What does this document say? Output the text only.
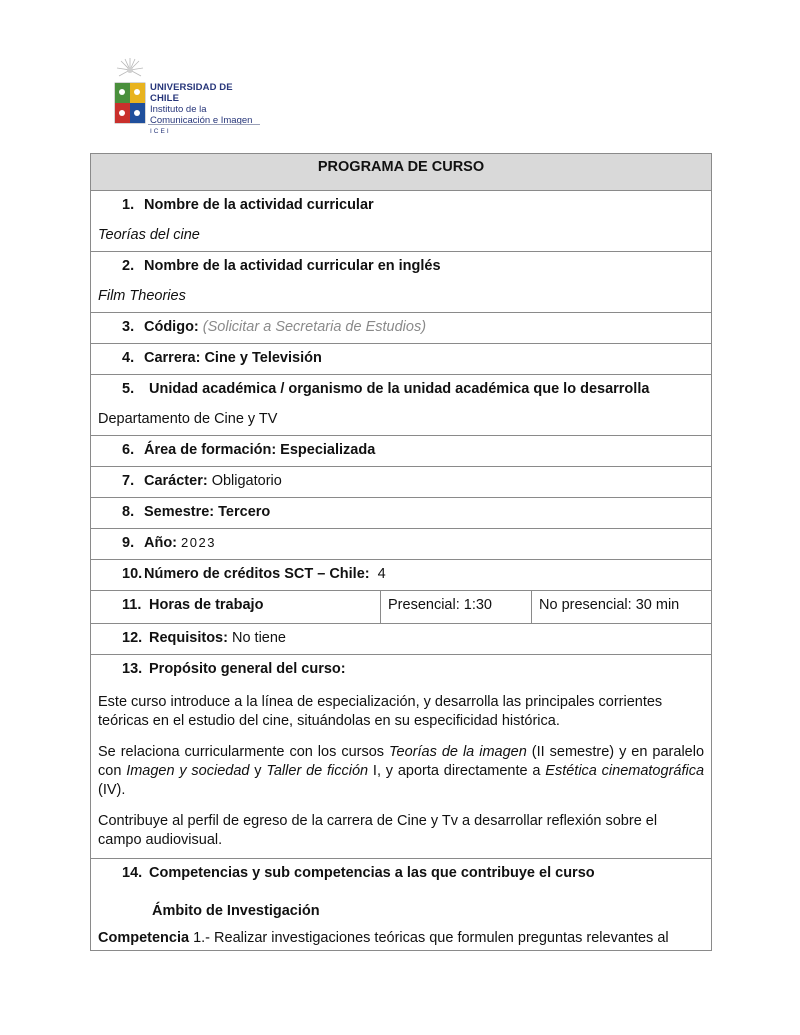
UNIVERSIDAD DE CHILE
Instituto de la
Comunicación e Imagen
ICEI
PROGRAMA DE CURSO

1. Nombre de la actividad curricular
Teorías del cine

2. Nombre de la actividad curricular en inglés
Film Theories

3. Código: (Solicitar a Secretaria de Estudios)

4. Carrera: Cine y Televisión

5. Unidad académica / organismo de la unidad académica que lo desarrolla
Departamento de Cine y TV

6. Área de formación: Especializada

7. Carácter: Obligatorio

8. Semestre: Tercero

9. Año: 2023

10. Número de créditos SCT – Chile: 4

11. Horas de trabajo	Presencial: 1:30	No presencial: 30 min

12. Requisitos: No tiene

13. Propósito general del curso:

Este curso introduce a la línea de especialización, y desarrolla las principales corrientes teóricas en el estudio del cine, situándolas en su especificidad histórica.

Se relaciona curricularmente con los cursos Teorías de la imagen (II semestre) y en paralelo con Imagen y sociedad y Taller de ficción I, y aporta directamente a Estética cinematográfica (IV).

Contribuye al perfil de egreso de la carrera de Cine y Tv a desarrollar reflexión sobre el campo audiovisual.

14. Competencias y sub competencias a las que contribuye el curso
Ámbito de Investigación

Competencia 1.- Realizar investigaciones teóricas que formulen preguntas relevantes al
